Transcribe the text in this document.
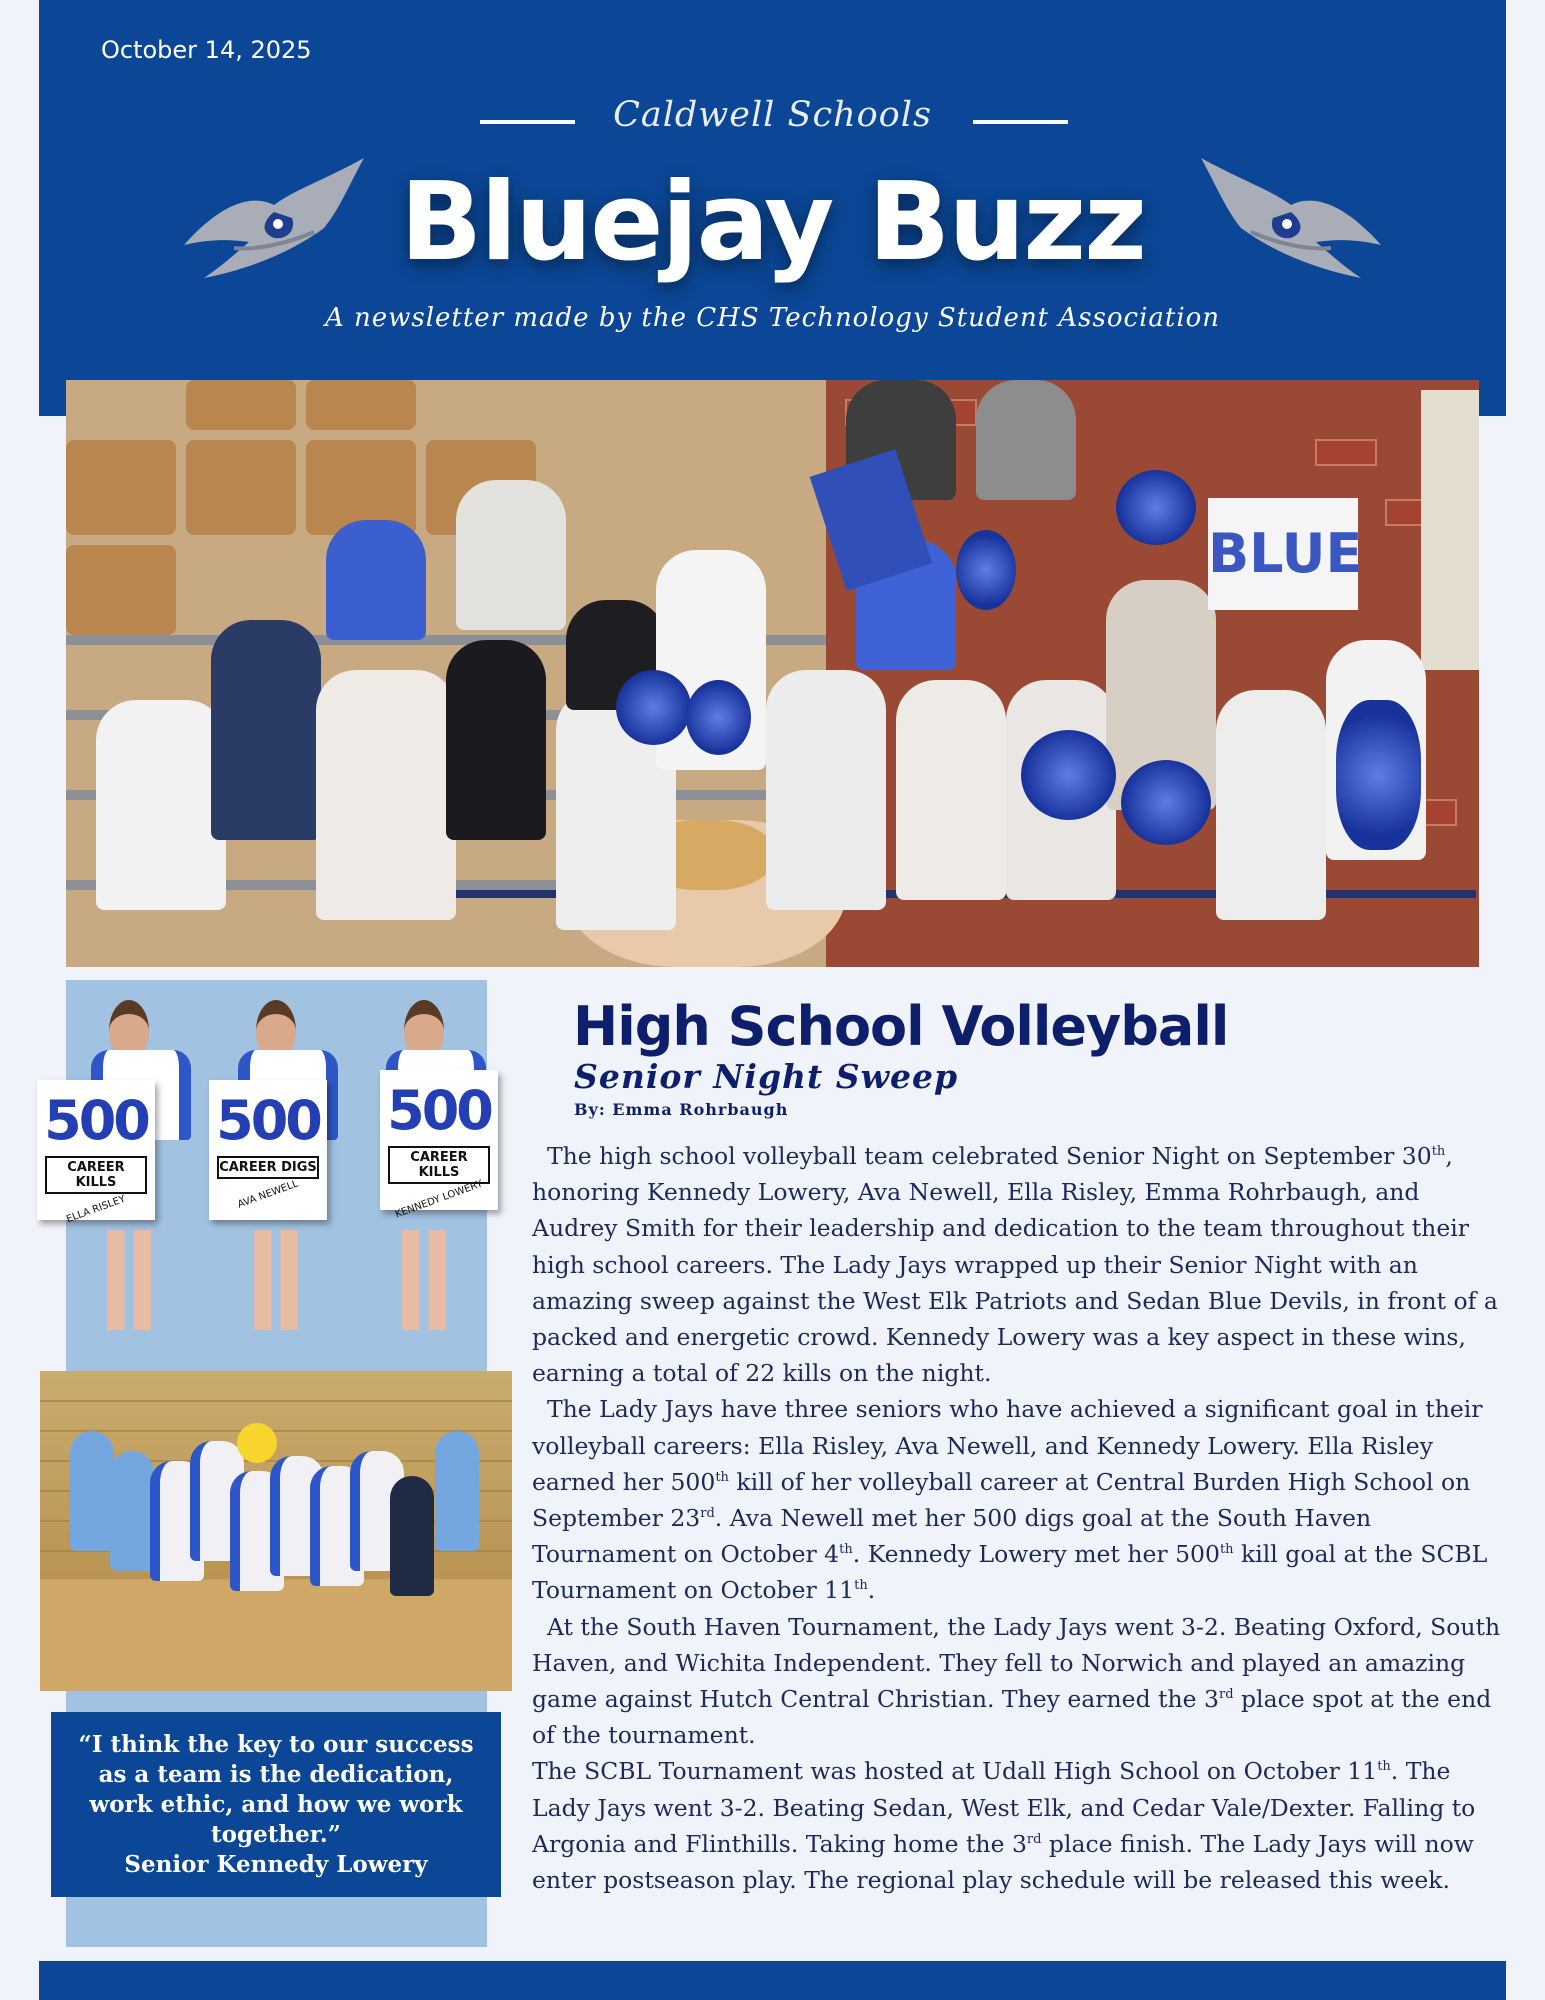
October 14, 2025
Caldwell Schools
Bluejay Buzz
A newsletter made by the CHS Technology Student Association
BLUE
500
CAREER KILLS
ELLA RISLEY
500
CAREER DIGS
AVA NEWELL
500
CAREER KILLS
KENNEDY LOWERY
“I think the key to our success as a team is the dedication, work ethic, and how we work together.”
Senior Kennedy Lowery
High School Volleyball
Senior Night Sweep
By: Emma Rohrbaugh

The high school volleyball team celebrated Senior Night on September 30th, honoring Kennedy Lowery, Ava Newell, Ella Risley, Emma Rohrbaugh, and Audrey Smith for their leadership and dedication to the team throughout their high school careers. The Lady Jays wrapped up their Senior Night with an amazing sweep against the West Elk Patriots and Sedan Blue Devils, in front of a packed and energetic crowd. Kennedy Lowery was a key aspect in these wins, earning a total of 22 kills on the night.

The Lady Jays have three seniors who have achieved a significant goal in their volleyball careers: Ella Risley, Ava Newell, and Kennedy Lowery. Ella Risley earned her 500th kill of her volleyball career at Central Burden High School on September 23rd. Ava Newell met her 500 digs goal at the South Haven Tournament on October 4th. Kennedy Lowery met her 500th kill goal at the SCBL Tournament on October 11th.

At the South Haven Tournament, the Lady Jays went 3-2. Beating Oxford, South Haven, and Wichita Independent. They fell to Norwich and played an amazing game against Hutch Central Christian. They earned the 3rd place spot at the end of the tournament.

The SCBL Tournament was hosted at Udall High School on October 11th. The Lady Jays went 3-2. Beating Sedan, West Elk, and Cedar Vale/Dexter. Falling to Argonia and Flinthills. Taking home the 3rd place finish. The Lady Jays will now enter postseason play. The regional play schedule will be released this week.
